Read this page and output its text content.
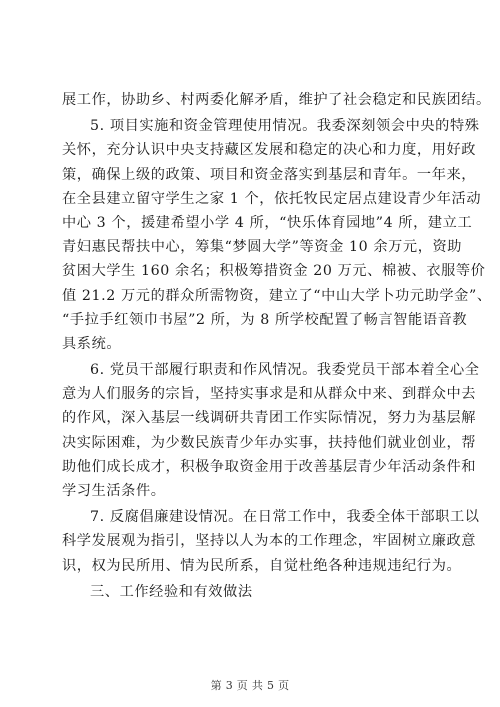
展工作，协助乡、村两委化解矛盾，维护了社会稳定和民族团结。
5. 项目实施和资金管理使用情况。我委深刻领会中央的特殊
关怀，充分认识中央支持藏区发展和稳定的决心和力度，用好政
策，确保上级的政策、项目和资金落实到基层和青年。一年来，
在全县建立留守学生之家 1 个，依托牧民定居点建设青少年活动
中心 3 个，援建希望小学 4 所，“快乐体育园地”4 所，建立工
青妇惠民帮扶中心，筹集“梦圆大学”等资金 10 余万元，资助
贫困大学生 160 余名；积极筹措资金 20 万元、棉被、衣服等价
值 21.2 万元的群众所需物资，建立了“中山大学卜功元助学金”、
“手拉手红领巾书屋”2 所，为 8 所学校配置了畅言智能语音教
具系统。
6. 党员干部履行职责和作风情况。我委党员干部本着全心全
意为人们服务的宗旨，坚持实事求是和从群众中来、到群众中去
的作风，深入基层一线调研共青团工作实际情况，努力为基层解
决实际困难，为少数民族青少年办实事，扶持他们就业创业，帮
助他们成长成才，积极争取资金用于改善基层青少年活动条件和
学习生活条件。
7. 反腐倡廉建设情况。在日常工作中，我委全体干部职工以
科学发展观为指引，坚持以人为本的工作理念，牢固树立廉政意
识，权为民所用、情为民所系，自觉杜绝各种违规违纪行为。
三、工作经验和有效做法
第 3 页 共 5 页
